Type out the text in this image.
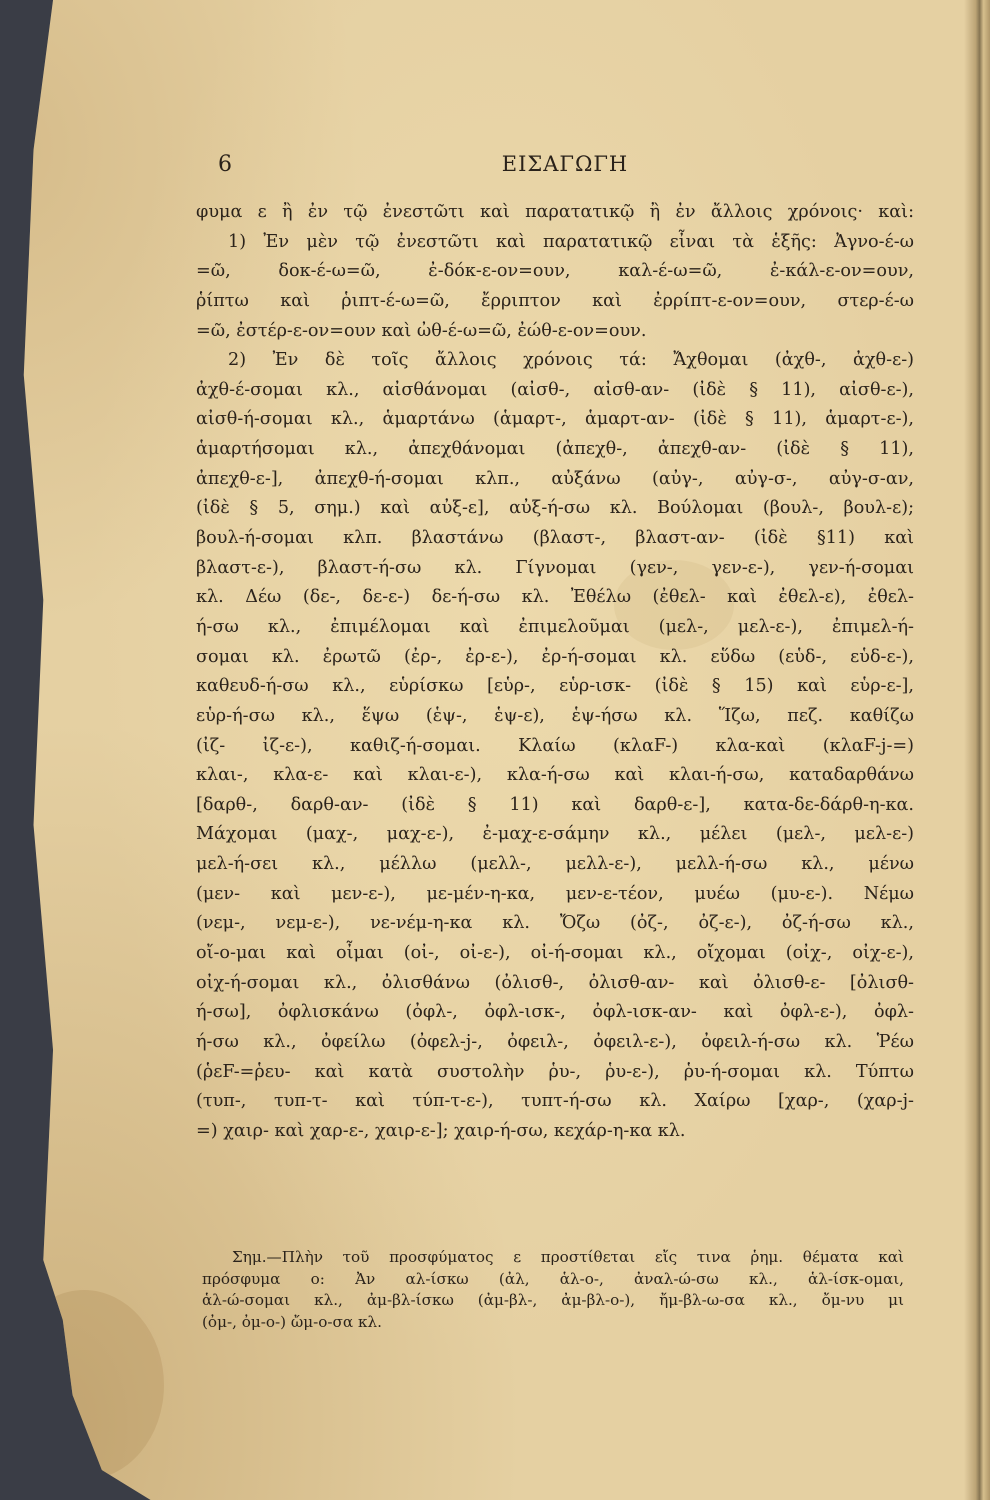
6	ΕΙΣΑΓΩΓΗ
φυμα ε ἢ ἐν τῷ ἐνεστῶτι καὶ παρατατικῷ ἢ ἐν ἄλλοις χρόνοις· καὶ:
1) Ἐν μὲν τῷ ἐνεστῶτι καὶ παρατατικῷ εἶναι τὰ ἑξῆς: Ἀγνο-έ-ω
=ῶ, δοκ-έ-ω=ῶ, ἐ-δόκ-ε-ον=ουν, καλ-έ-ω=ῶ, ἐ-κάλ-ε-ον=ουν,
ῥίπτω καὶ ῥιπτ-έ-ω=ῶ, ἔρριπτον καὶ ἐρρίπτ-ε-ον=ουν, στερ-έ-ω
=ῶ, ἐστέρ-ε-ον=ουν καὶ ὠθ-έ-ω=ῶ, ἐώθ-ε-ον=ουν.
2) Ἐν δὲ τοῖς ἄλλοις χρόνοις τά: Ἄχθομαι (ἀχθ-, ἀχθ-ε-)
ἀχθ-έ-σομαι κλ., αἰσθάνομαι (αἰσθ-, αἰσθ-αν- (ἰδὲ § 11), αἰσθ-ε-),
αἰσθ-ή-σομαι κλ., ἁμαρτάνω (ἁμαρτ-, ἁμαρτ-αν- (ἰδὲ § 11), ἁμαρτ-ε-),
ἁμαρτήσομαι κλ., ἀπεχθάνομαι (ἀπεχθ-, ἀπεχθ-αν- (ἰδὲ § 11),
ἀπεχθ-ε-], ἀπεχθ-ή-σομαι κλπ., αὐξάνω (αὐγ-, αὐγ-σ-, αὐγ-σ-αν,
(ἰδὲ § 5, σημ.) καὶ αὐξ-ε], αὐξ-ή-σω κλ. Βούλομαι (βουλ-, βουλ-ε);
βουλ-ή-σομαι κλπ. βλαστάνω (βλαστ-, βλαστ-αν- (ἰδὲ §11) καὶ
βλαστ-ε-), βλαστ-ή-σω κλ. Γίγνομαι (γεν-, γεν-ε-), γεν-ή-σομαι
κλ. Δέω (δε-, δε-ε-) δε-ή-σω κλ. Ἐθέλω (ἐθελ- καὶ ἐθελ-ε), ἐθελ-
ή-σω κλ., ἐπιμέλομαι καὶ ἐπιμελοῦμαι (μελ-, μελ-ε-), ἐπιμελ-ή-
σομαι κλ. ἐρωτῶ (ἐρ-, ἐρ-ε-), ἐρ-ή-σομαι κλ. εὕδω (εὑδ-, εὑδ-ε-),
καθευδ-ή-σω κλ., εὑρίσκω [εὑρ-, εὑρ-ισκ- (ἰδὲ § 15) καὶ εὑρ-ε-],
εὑρ-ή-σω κλ., ἕψω (ἑψ-, ἑψ-ε), ἑψ-ήσω κλ. Ἵζω, πεζ. καθίζω
(ἰζ- ἰζ-ε-), καθιζ-ή-σομαι. Κλαίω (κλαF-) κλα-καὶ (κλαF-j-=)
κλαι-, κλα-ε- καὶ κλαι-ε-), κλα-ή-σω καὶ κλαι-ή-σω, καταδαρθάνω
[δαρθ-, δαρθ-αν- (ἰδὲ § 11) καὶ δαρθ-ε-], κατα-δε-δάρθ-η-κα.
Μάχομαι (μαχ-, μαχ-ε-), ἐ-μαχ-ε-σάμην κλ., μέλει (μελ-, μελ-ε-)
μελ-ή-σει κλ., μέλλω (μελλ-, μελλ-ε-), μελλ-ή-σω κλ., μένω
(μεν- καὶ μεν-ε-), με-μέν-η-κα, μεν-ε-τέον, μυέω (μυ-ε-). Νέμω
(νεμ-, νεμ-ε-), νε-νέμ-η-κα κλ. Ὄζω (ὀζ-, ὀζ-ε-), ὀζ-ή-σω κλ.,
οἴ-ο-μαι καὶ οἶμαι (οἰ-, οἰ-ε-), οἰ-ή-σομαι κλ., οἴχομαι (οἰχ-, οἰχ-ε-),
οἰχ-ή-σομαι κλ., ὀλισθάνω (ὀλισθ-, ὀλισθ-αν- καὶ ὀλισθ-ε- [ὀλισθ-
ή-σω], ὀφλισκάνω (ὀφλ-, ὀφλ-ισκ-, ὀφλ-ισκ-αν- καὶ ὀφλ-ε-), ὀφλ-
ή-σω κλ., ὀφείλω (ὀφελ-j-, ὀφειλ-, ὀφειλ-ε-), ὀφειλ-ή-σω κλ. Ῥέω
(ῥεF-=ῥευ- καὶ κατὰ συστολὴν ῥυ-, ῥυ-ε-), ῥυ-ή-σομαι κλ. Τύπτω
(τυπ-, τυπ-τ- καὶ τύπ-τ-ε-), τυπτ-ή-σω κλ. Χαίρω [χαρ-, (χαρ-j-
=) χαιρ- καὶ χαρ-ε-, χαιρ-ε-]; χαιρ-ή-σω, κεχάρ-η-κα κλ.
Σημ.—Πλὴν τοῦ προσφύματος ε προστίθεται εἴς τινα ῥημ. θέματα καὶ
πρόσφυμα ο: Ἀν αλ-ίσκω (ἀλ, ἁλ-ο-, ἀναλ-ώ-σω κλ., ἁλ-ίσκ-ομαι,
ἁλ-ώ-σομαι κλ., ἀμ-βλ-ίσκω (ἀμ-βλ-, ἀμ-βλ-ο-), ἤμ-βλ-ω-σα κλ., ὄμ-νυ μι
(ὀμ-, ὀμ-ο-) ὤμ-ο-σα κλ.
